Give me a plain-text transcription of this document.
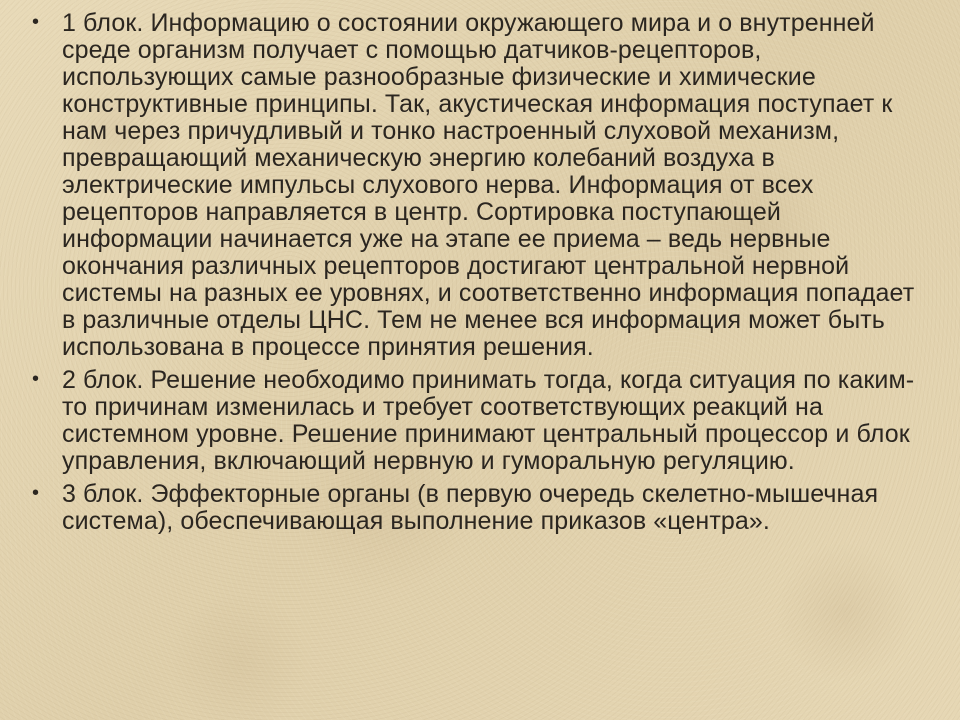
• 1 блок. Информацию о состоянии окружающего мира и о внутренней среде организм получает с помощью датчиков-рецепторов, использующих самые разнообразные физические и химические конструктивные принципы. Так, акустическая информация поступает к нам через причудливый и тонко настроенный слуховой механизм, превращающий механическую энергию колебаний воздуха в электрические импульсы слухового нерва. Информация от всех рецепторов направляется в центр. Сортировка поступающей информации начинается уже на этапе ее приема – ведь нервные окончания различных рецепторов достигают центральной нервной системы на разных ее уровнях, и соответственно информация попадает в различные отделы ЦНС. Тем не менее вся информация может быть использована в процессе принятия решения.
• 2 блок. Решение необходимо принимать тогда, когда ситуация по каким-то причинам изменилась и требует соответствующих реакций на системном уровне. Решение принимают центральный процессор и блок управления, включающий нервную и гуморальную регуляцию.
• 3 блок. Эффекторные органы (в первую очередь скелетно-мышечная система), обеспечивающая выполнение приказов «центра».
